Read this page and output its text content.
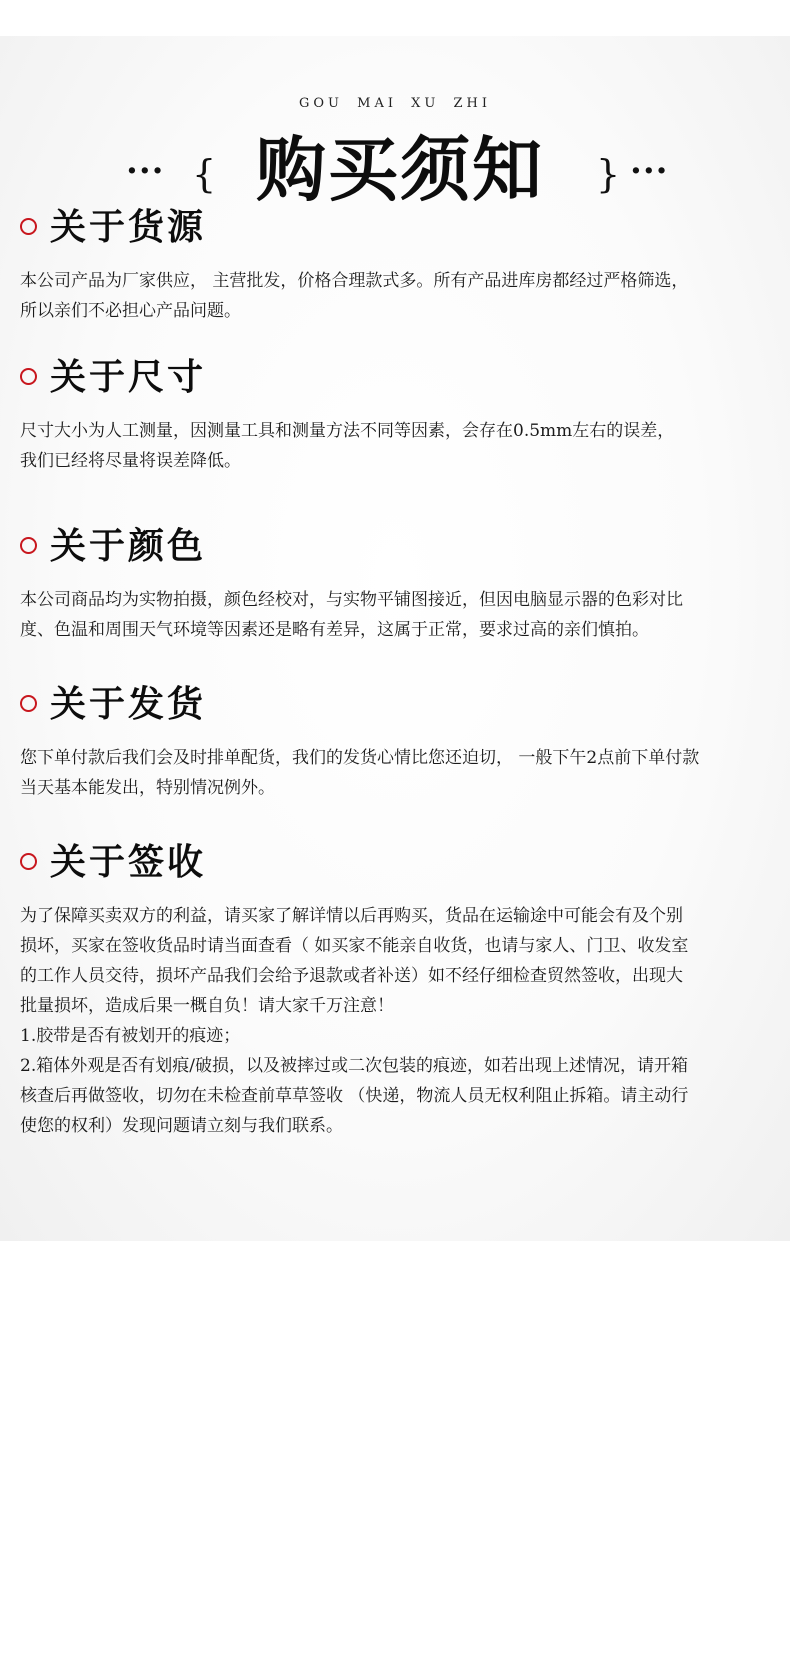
GOU MAI XU ZHI
··· { 购买须知 } ···
关于货源

本公司产品为厂家供应， 主营批发，价格合理款式多。所有产品进库房都经过严格筛选，

所以亲们不必担心产品问题。

关于尺寸

尺寸大小为人工测量，因测量工具和测量方法不同等因素，会存在0.5mm左右的误差，

我们已经将尽量将误差降低。

关于颜色

本公司商品均为实物拍摄，颜色经校对，与实物平铺图接近，但因电脑显示器的色彩对比

度、色温和周围天气环境等因素还是略有差异，这属于正常，要求过高的亲们慎拍。

关于发货

您下单付款后我们会及时排单配货，我们的发货心情比您还迫切， 一般下午2点前下单付款

当天基本能发出，特别情况例外。

关于签收

为了保障买卖双方的利益，请买家了解详情以后再购买，货品在运输途中可能会有及个别

损坏，买家在签收货品时请当面查看（ 如买家不能亲自收货，也请与家人、门卫、收发室

的工作人员交待，损坏产品我们会给予退款或者补送）如不经仔细检查贸然签收，出现大

批量损坏，造成后果一概自负！请大家千万注意！

1.胶带是否有被划开的痕迹；

2.箱体外观是否有划痕/破损，以及被摔过或二次包装的痕迹，如若出现上述情况，请开箱

核查后再做签收，切勿在未检查前草草签收 （快递，物流人员无权利阻止拆箱。请主动行

使您的权利）发现问题请立刻与我们联系。
